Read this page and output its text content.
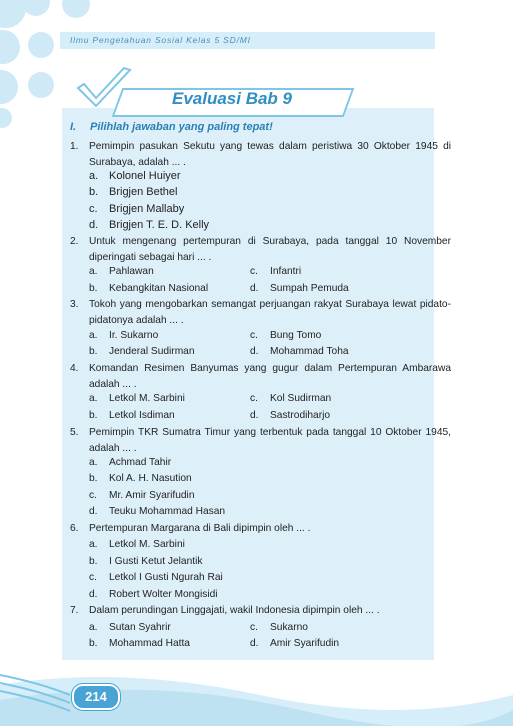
Ilmu Pengetahuan Sosial Kelas 5 SD/MI
Evaluasi Bab 9
I. Pilihlah jawaban yang paling tepat!
1. Pemimpin pasukan Sekutu yang tewas dalam peristiwa 30 Oktober 1945 di Surabaya, adalah ... .
a. Kolonel Huiyer
b. Brigjen Bethel
c. Brigjen Mallaby
d. Brigjen T. E. D. Kelly
2. Untuk mengenang pertempuran di Surabaya, pada tanggal 10 November diperingati sebagai hari ... .
a. Pahlawan
b. Kebangkitan Nasional
c. Infantri
d. Sumpah Pemuda
3. Tokoh yang mengobarkan semangat perjuangan rakyat Surabaya lewat pidato-pidatonya adalah ... .
a. Ir. Sukarno
b. Jenderal Sudirman
c. Bung Tomo
d. Mohammad Toha
4. Komandan Resimen Banyumas yang gugur dalam Pertempuran Ambarawa adalah ... .
a. Letkol M. Sarbini
b. Letkol Isdiman
c. Kol Sudirman
d. Sastrodiharjo
5. Pemimpin TKR Sumatra Timur yang terbentuk pada tanggal 10 Oktober 1945, adalah ... .
a. Achmad Tahir
b. Kol A. H. Nasution
c. Mr. Amir Syarifudin
d. Teuku Mohammad Hasan
6. Pertempuran Margarana di Bali dipimpin oleh ... .
a. Letkol M. Sarbini
b. I Gusti Ketut Jelantik
c. Letkol I Gusti Ngurah Rai
d. Robert Wolter Mongisidi
7. Dalam perundingan Linggajati, wakil Indonesia dipimpin oleh ... .
a. Sutan Syahrir
b. Mohammad Hatta
c. Sukarno
d. Amir Syarifudin
214
